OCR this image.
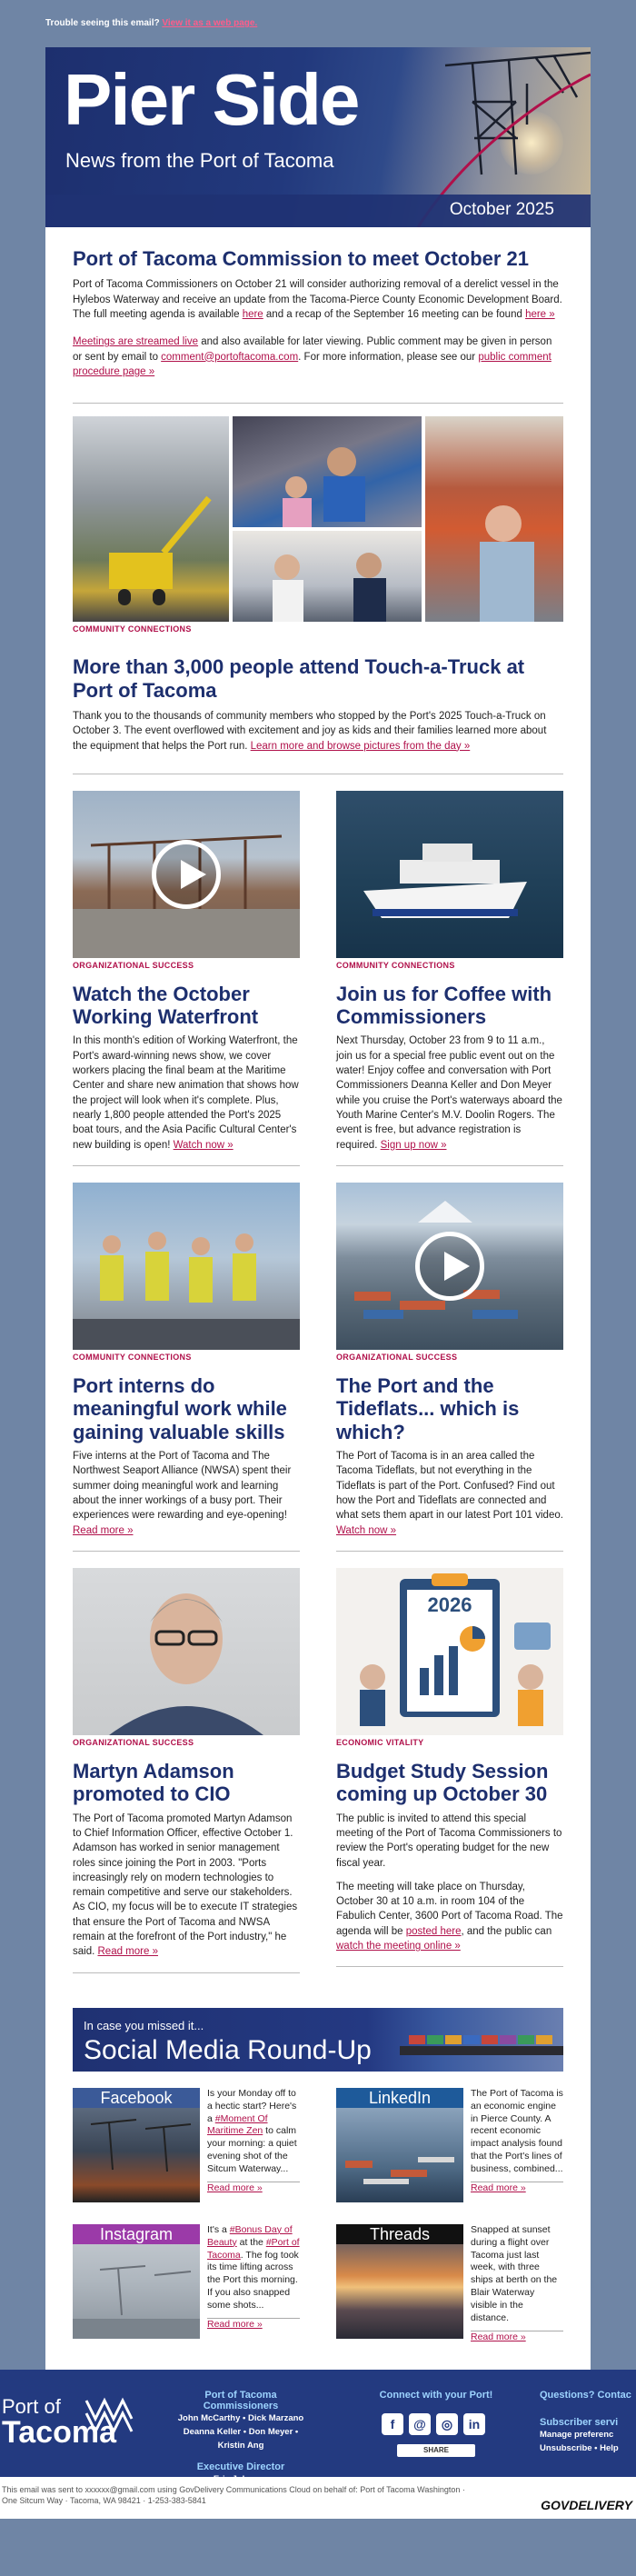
Trouble seeing this email? View it as a web page.
Pier Side
News from the Port of Tacoma
October 2025
Port of Tacoma Commission to meet October 21

Port of Tacoma Commissioners on October 21 will consider authorizing removal of a derelict vessel in the Hylebos Waterway and receive an update from the Tacoma-Pierce County Economic Development Board. The full meeting agenda is available here and a recap of the September 16 meeting can be found here »

Meetings are streamed live and also available for later viewing. Public comment may be given in person or sent by email to comment@portoftacoma.com. For more information, please see our public comment procedure page »

COMMUNITY CONNECTIONS
More than 3,000 people attend Touch-a-Truck at Port of Tacoma

Thank you to the thousands of community members who stopped by the Port's 2025 Touch-a-Truck on October 3. The event overflowed with excitement and joy as kids and their families learned more about the equipment that helps the Port run. Learn more and browse pictures from the day »

ORGANIZATIONAL SUCCESS
Watch the October Working Waterfront

In this month's edition of Working Waterfront, the Port's award-winning news show, we cover workers placing the final beam at the Maritime Center and share new animation that shows how the project will look when it's complete. Plus, nearly 1,800 people attended the Port's 2025 boat tours, and the Asia Pacific Cultural Center's new building is open! Watch now »

COMMUNITY CONNECTIONS
Join us for Coffee with Commissioners

Next Thursday, October 23 from 9 to 11 a.m., join us for a special free public event out on the water! Enjoy coffee and conversation with Port Commissioners Deanna Keller and Don Meyer while you cruise the Port's waterways aboard the Youth Marine Center's M.V. Doolin Rogers. The event is free, but advance registration is required. Sign up now »

COMMUNITY CONNECTIONS
Port interns do meaningful work while gaining valuable skills

Five interns at the Port of Tacoma and The Northwest Seaport Alliance (NWSA) spent their summer doing meaningful work and learning about the inner workings of a busy port. Their experiences were rewarding and eye-opening! Read more »

ORGANIZATIONAL SUCCESS
The Port and the Tideflats... which is which?

The Port of Tacoma is in an area called the Tacoma Tideflats, but not everything in the Tideflats is part of the Port. Confused? Find out how the Port and Tideflats are connected and what sets them apart in our latest Port 101 video. Watch now »

ORGANIZATIONAL SUCCESS
Martyn Adamson promoted to CIO

The Port of Tacoma promoted Martyn Adamson to Chief Information Officer, effective October 1. Adamson has worked in senior management roles since joining the Port in 2003. "Ports increasingly rely on modern technologies to remain competitive and serve our stakeholders. As CIO, my focus will be to execute IT strategies that ensure the Port of Tacoma and NWSA remain at the forefront of the Port industry," he said. Read more »

2026
ECONOMIC VITALITY
Budget Study Session coming up October 30

The public is invited to attend this special meeting of the Port of Tacoma Commissioners to review the Port's operating budget for the new fiscal year.

The meeting will take place on Thursday, October 30 at 10 a.m. in room 104 of the Fabulich Center, 3600 Port of Tacoma Road. The agenda will be posted here, and the public can watch the meeting online »

In case you missed it...
Social Media Round-Up
Facebook	Is your Monday off to a hectic start? Here's a #Moment Of Maritime Zen to calm your morning: a quiet evening shot of the Sitcum Waterway...
Read more »
LinkedIn	The Port of Tacoma is an economic engine in Pierce County. A recent economic impact analysis found that the Port's lines of business, combined...
Read more »
Instagram	It's a #Bonus Day of Beauty at the #Port of Tacoma. The fog took its time lifting across the Port this morning. If you also snapped some shots...
Read more »
Threads	Snapped at sunset during a flight over Tacoma just last week, with three ships at berth on the Blair Waterway visible in the distance.
Read more »
Port of
Tacoma
Port of Tacoma Commissioners
John McCarthy • Dick Marzano
Deanna Keller • Don Meyer • Kristin Ang
Executive Director
Connect with your Port!
f @ ◎ in
SHARE
Questions? Contac
Subscriber servi
Manage preferenc
Unsubscribe • Help
This email was sent to xxxxxx@gmail.com using GovDelivery Communications Cloud on behalf of: Port of Tacoma Washington ·
One Sitcum Way · Tacoma, WA 98421 · 1-253-383-5841	GOVDELIVERY
